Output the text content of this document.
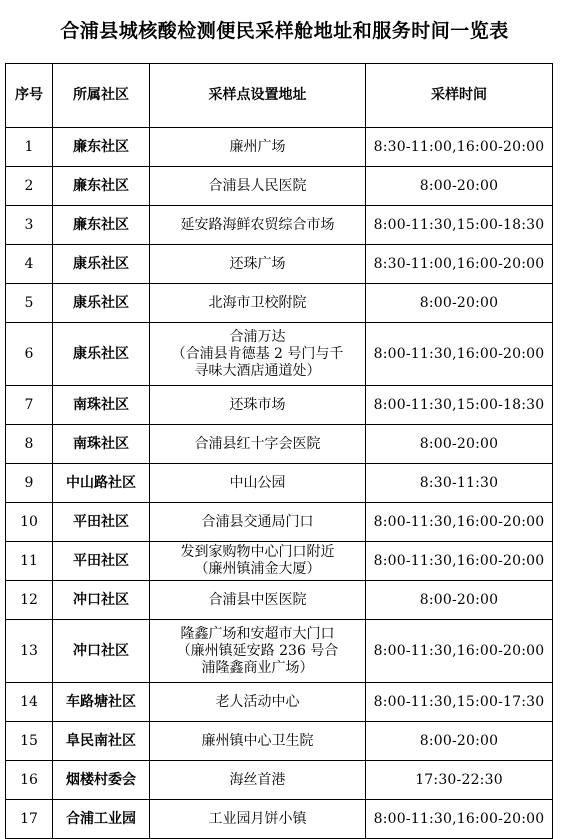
合浦县城核酸检测便民采样舱地址和服务时间一览表
序号	所属社区	采样点设置地址	采样时间
1	廉东社区	廉州广场	8:30-11:00,16:00-20:00
2	廉东社区	合浦县人民医院	8:00-20:00
3	廉东社区	延安路海鲜农贸综合市场	8:00-11:30,15:00-18:30
4	康乐社区	还珠广场	8:30-11:00,16:00-20:00
5	康乐社区	北海市卫校附院	8:00-20:00
6	康乐社区	合浦万达
（合浦县肯德基 2 号门与千
寻味大酒店通道处）	8:00-11:30,16:00-20:00
7	南珠社区	还珠市场	8:00-11:30,15:00-18:30
8	南珠社区	合浦县红十字会医院	8:00-20:00
9	中山路社区	中山公园	8:30-11:30
10	平田社区	合浦县交通局门口	8:00-11:30,16:00-20:00
11	平田社区	发到家购物中心门口附近
（廉州镇浦金大厦）	8:00-11:30,16:00-20:00
12	冲口社区	合浦县中医医院	8:00-20:00
13	冲口社区	隆鑫广场和安超市大门口
（廉州镇延安路 236 号合
浦隆鑫商业广场）	8:00-11:30,16:00-20:00
14	车路塘社区	老人活动中心	8:00-11:30,15:00-17:30
15	阜民南社区	廉州镇中心卫生院	8:00-20:00
16	烟楼村委会	海丝首港	17:30-22:30
17	合浦工业园	工业园月饼小镇	8:00-11:30,16:00-20:00
